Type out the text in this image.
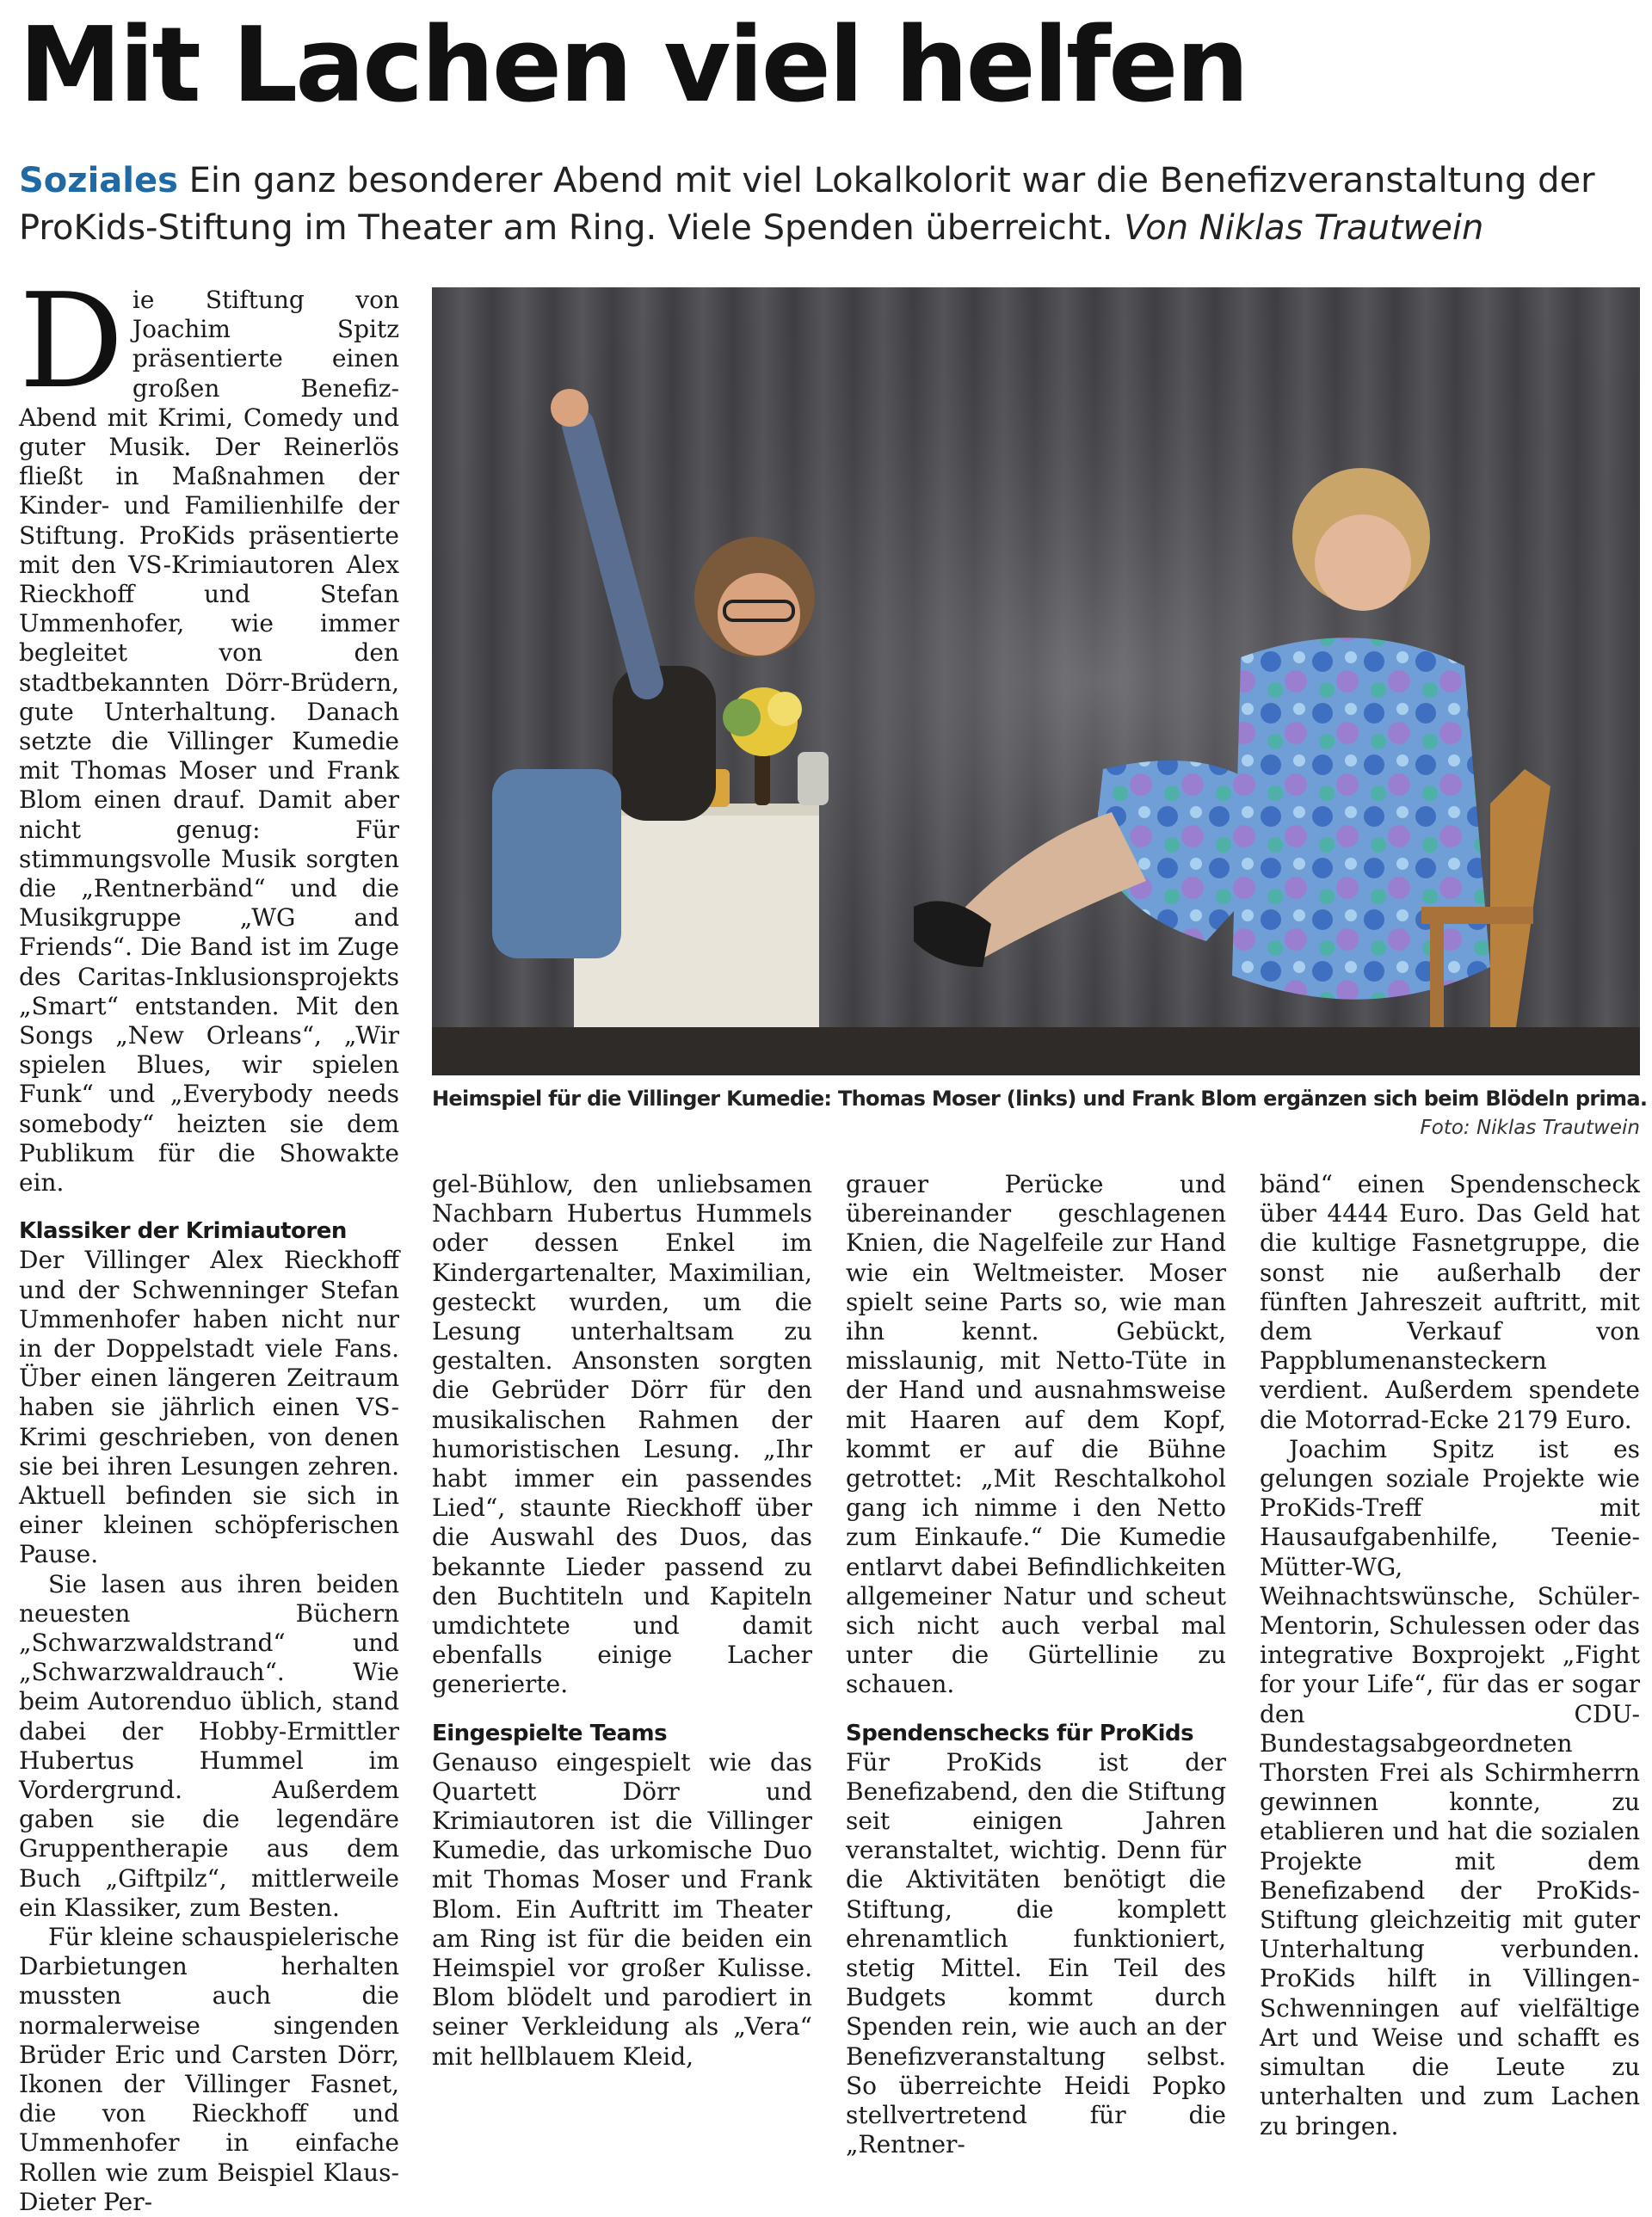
Mit Lachen viel helfen

Soziales Ein ganz besonderer Abend mit viel Lokalkolorit war die Benefizveranstaltung der ProKids-Stiftung im Theater am Ring. Viele Spenden überreicht. Von Niklas Trautwein

Die Stiftung von Joachim Spitz präsentierte einen großen Benefiz-Abend mit Krimi, Comedy und guter Musik. Der Reinerlös fließt in Maßnahmen der Kinder- und Familienhilfe der Stiftung. ProKids präsentierte mit den VS-Krimiautoren Alex Rieckhoff und Stefan Ummenhofer, wie immer begleitet von den stadtbekannten Dörr-Brüdern, gute Unterhaltung. Danach setzte die Villinger Kumedie mit Thomas Moser und Frank Blom einen drauf. Damit aber nicht genug: Für stimmungsvolle Musik sorgten die „Rentnerbänd“ und die Musikgruppe „WG and Friends“. Die Band ist im Zuge des Caritas-Inklusionsprojekts „Smart“ entstanden. Mit den Songs „New Orleans“, „Wir spielen Blues, wir spielen Funk“ und „Everybody needs somebody“ heizten sie dem Publikum für die Showakte ein.

Klassiker der Krimiautoren

Der Villinger Alex Rieckhoff und der Schwenninger Stefan Ummenhofer haben nicht nur in der Doppelstadt viele Fans. Über einen längeren Zeitraum haben sie jährlich einen VS-Krimi geschrieben, von denen sie bei ihren Lesungen zehren. Aktuell befinden sie sich in einer kleinen schöpferischen Pause.

Sie lasen aus ihren beiden neuesten Büchern „Schwarzwaldstrand“ und „Schwarzwaldrauch“. Wie beim Autorenduo üblich, stand dabei der Hobby-Ermittler Hubertus Hummel im Vordergrund. Außerdem gaben sie die legendäre Gruppentherapie aus dem Buch „Giftpilz“, mittlerweile ein Klassiker, zum Besten.

Für kleine schauspielerische Darbietungen herhalten mussten auch die normalerweise singenden Brüder Eric und Carsten Dörr, Ikonen der Villinger Fasnet, die von Rieckhoff und Ummenhofer in einfache Rollen wie zum Beispiel Klaus-Dieter Per-

Heimspiel für die Villinger Kumedie: Thomas Moser (links) und Frank Blom ergänzen sich beim Blödeln prima.
Foto: Niklas Trautwein

gel-Bühlow, den unliebsamen Nachbarn Hubertus Hummels oder dessen Enkel im Kindergartenalter, Maximilian, gesteckt wurden, um die Lesung unterhaltsam zu gestalten. Ansonsten sorgten die Gebrüder Dörr für den musikalischen Rahmen der humoristischen Lesung. „Ihr habt immer ein passendes Lied“, staunte Rieckhoff über die Auswahl des Duos, das bekannte Lieder passend zu den Buchtiteln und Kapiteln umdichtete und damit ebenfalls einige Lacher generierte.

Eingespielte Teams

Genauso eingespielt wie das Quartett Dörr und Krimiautoren ist die Villinger Kumedie, das urkomische Duo mit Thomas Moser und Frank Blom. Ein Auftritt im Theater am Ring ist für die beiden ein Heimspiel vor großer Kulisse. Blom blödelt und parodiert in seiner Verkleidung als „Vera“ mit hellblauem Kleid,

grauer Perücke und übereinander geschlagenen Knien, die Nagelfeile zur Hand wie ein Weltmeister. Moser spielt seine Parts so, wie man ihn kennt. Gebückt, misslaunig, mit Netto-Tüte in der Hand und ausnahmsweise mit Haaren auf dem Kopf, kommt er auf die Bühne getrottet: „Mit Reschtalkohol gang ich nimme i den Netto zum Einkaufe.“ Die Kumedie entlarvt dabei Befindlichkeiten allgemeiner Natur und scheut sich nicht auch verbal mal unter die Gürtellinie zu schauen.

Spendenschecks für ProKids

Für ProKids ist der Benefizabend, den die Stiftung seit einigen Jahren veranstaltet, wichtig. Denn für die Aktivitäten benötigt die Stiftung, die komplett ehrenamtlich funktioniert, stetig Mittel. Ein Teil des Budgets kommt durch Spenden rein, wie auch an der Benefizveranstaltung selbst. So überreichte Heidi Popko stellvertretend für die „Rentner-

bänd“ einen Spendenscheck über 4444 Euro. Das Geld hat die kultige Fasnetgruppe, die sonst nie außerhalb der fünften Jahreszeit auftritt, mit dem Verkauf von Pappblumenansteckern verdient. Außerdem spendete die Motorrad-Ecke 2179 Euro.

Joachim Spitz ist es gelungen soziale Projekte wie ProKids-Treff mit Hausaufgabenhilfe, Teenie-Mütter-WG, Weihnachtswünsche, Schüler-Mentorin, Schulessen oder das integrative Boxprojekt „Fight for your Life“, für das er sogar den CDU-Bundestagsabgeordneten Thorsten Frei als Schirmherrn gewinnen konnte, zu etablieren und hat die sozialen Projekte mit dem Benefizabend der ProKids-Stiftung gleichzeitig mit guter Unterhaltung verbunden. ProKids hilft in Villingen-Schwenningen auf vielfältige Art und Weise und schafft es simultan die Leute zu unterhalten und zum Lachen zu bringen.
